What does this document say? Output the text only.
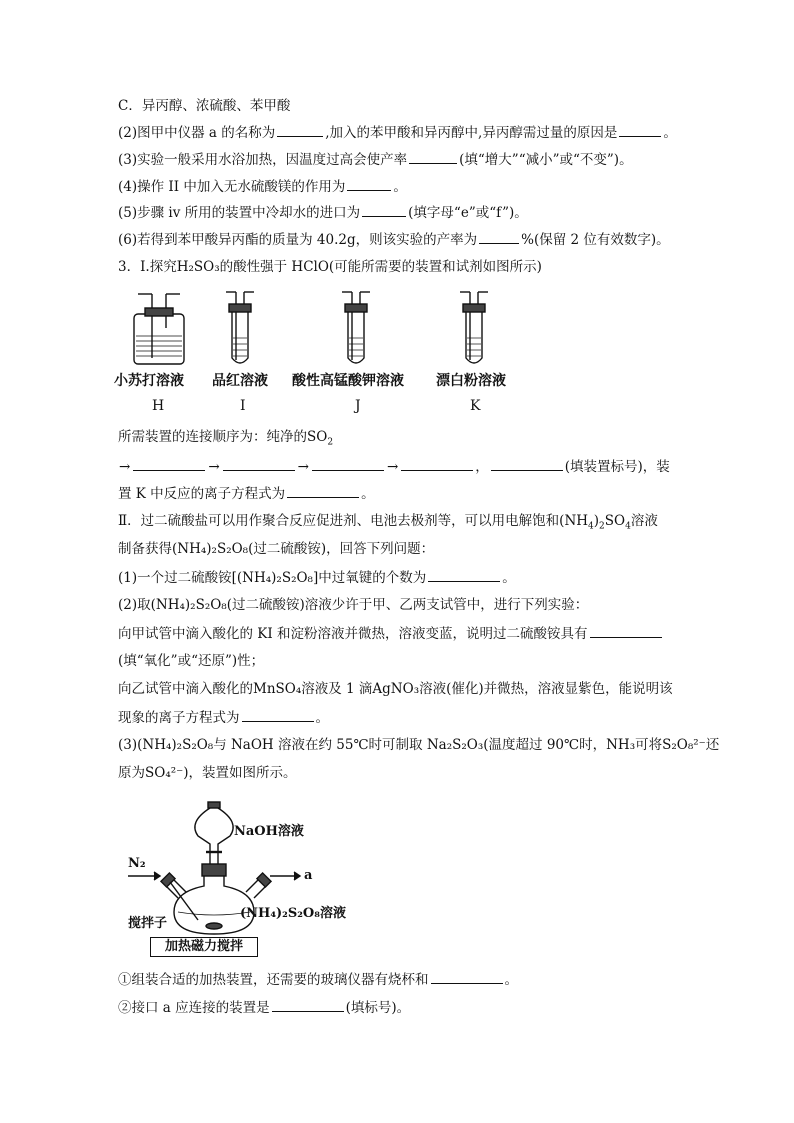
C．异丙醇、浓硫酸、苯甲酸
(2)图甲中仪器 a 的名称为	,加入的苯甲酸和异丙醇中,异丙醇需过量的原因是	。
(3)实验一般采用水浴加热，因温度过高会使产率	(填“增大”“减小”或“不变”)。
(4)操作 II 中加入无水硫酸镁的作用为	。
(5)步骤 iv 所用的装置中冷却水的进口为	(填字母“e”或“f”)。
(6)若得到苯甲酸异丙酯的质量为 40.2g，则该实验的产率为	%(保留 2 位有效数字)。
3．Ⅰ.探究H₂SO₃的酸性强于 HClO(可能所需要的装置和试剂如图所示)
小苏打溶液 品红溶液 酸性高锰酸钾溶液 漂白粉溶液
H	I	J	K
所需装置的连接顺序为：纯净的$SO_2$
→	→	→	→	，	(填装置标号)，装
置 K 中反应的离子方程式为	。
Ⅱ．过二硫酸盐可以用作聚合反应促进剂、电池去极剂等，可以用电解饱和$(NH_4)_2SO_4$溶液
制备获得(NH₄)₂S₂O₈(过二硫酸铵)，回答下列问题：
(1)一个过二硫酸铵[(NH₄)₂S₂O₈]中过氧键的个数为	。
(2)取(NH₄)₂S₂O₈(过二硫酸铵)溶液少许于甲、乙两支试管中，进行下列实验：
向甲试管中滴入酸化的 KI 和淀粉溶液并微热，溶液变蓝，说明过二硫酸铵具有
(填“氧化”或“还原”)性；
向乙试管中滴入酸化的MnSO₄溶液及 1 滴AgNO₃溶液(催化)并微热，溶液显紫色，能说明该
现象的离子方程式为	。
(3)(NH₄)₂S₂O₈与 NaOH 溶液在约 55℃时可制取 Na₂S₂O₃(温度超过 90℃时，NH₃可将S₂O₈²⁻还
原为SO₄²⁻)，装置如图所示。
NaOH溶液
N₂
a
搅拌子
(NH₄)₂S₂O₈溶液
加热磁力搅拌
①组装合适的加热装置，还需要的玻璃仪器有烧杯和	。
②接口 a 应连接的装置是	(填标号)。
